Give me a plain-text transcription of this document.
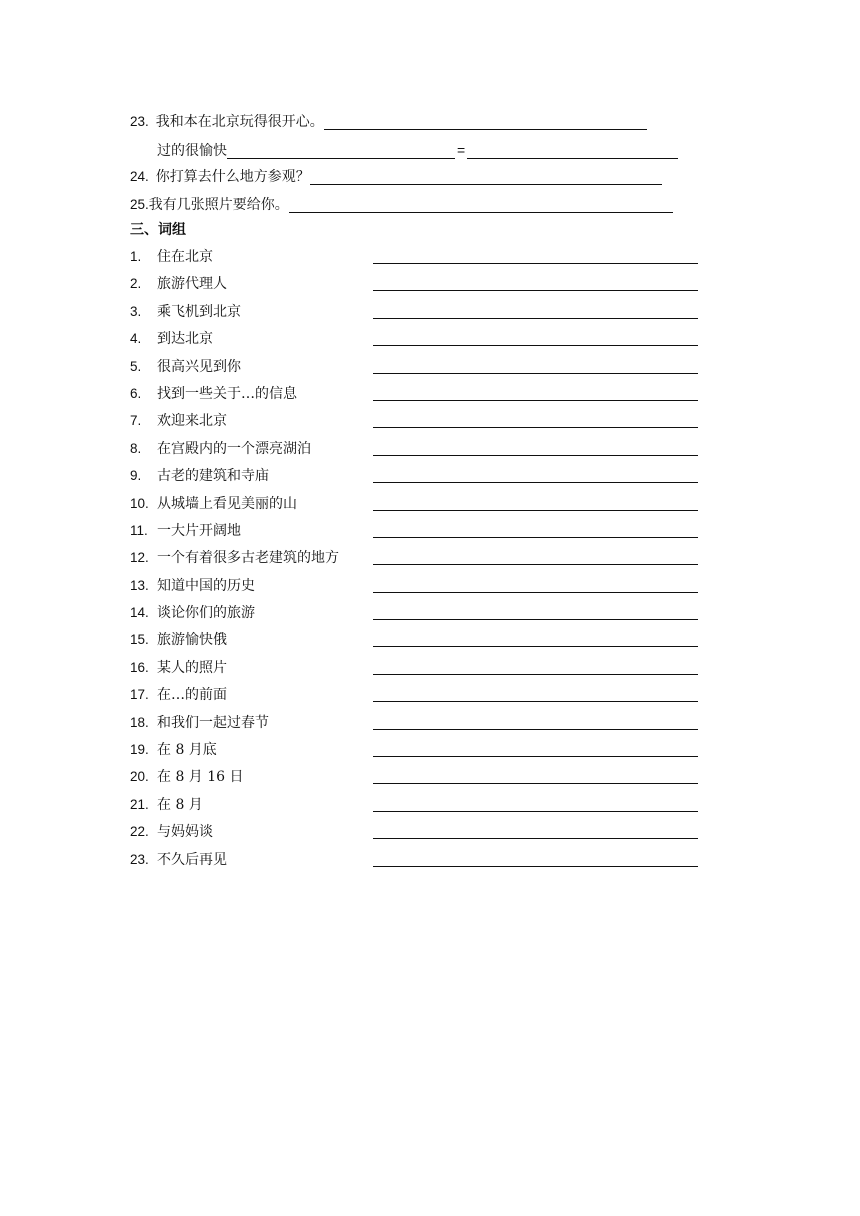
23. 我和本在北京玩得很开心。
过的很愉快	=
24. 你打算去什么地方参观？
25.我有几张照片要给你。
三、词组
1. 住在北京
2. 旅游代理人
3. 乘飞机到北京
4. 到达北京
5. 很高兴见到你
6. 找到一些关于…的信息
7. 欢迎来北京
8. 在宫殿内的一个漂亮湖泊
9. 古老的建筑和寺庙
10. 从城墙上看见美丽的山
11. 一大片开阔地
12. 一个有着很多古老建筑的地方
13. 知道中国的历史
14. 谈论你们的旅游
15. 旅游愉快俄
16. 某人的照片
17. 在…的前面
18. 和我们一起过春节
19. 在 8 月底
20. 在 8 月 16 日
21. 在 8 月
22. 与妈妈谈
23. 不久后再见
